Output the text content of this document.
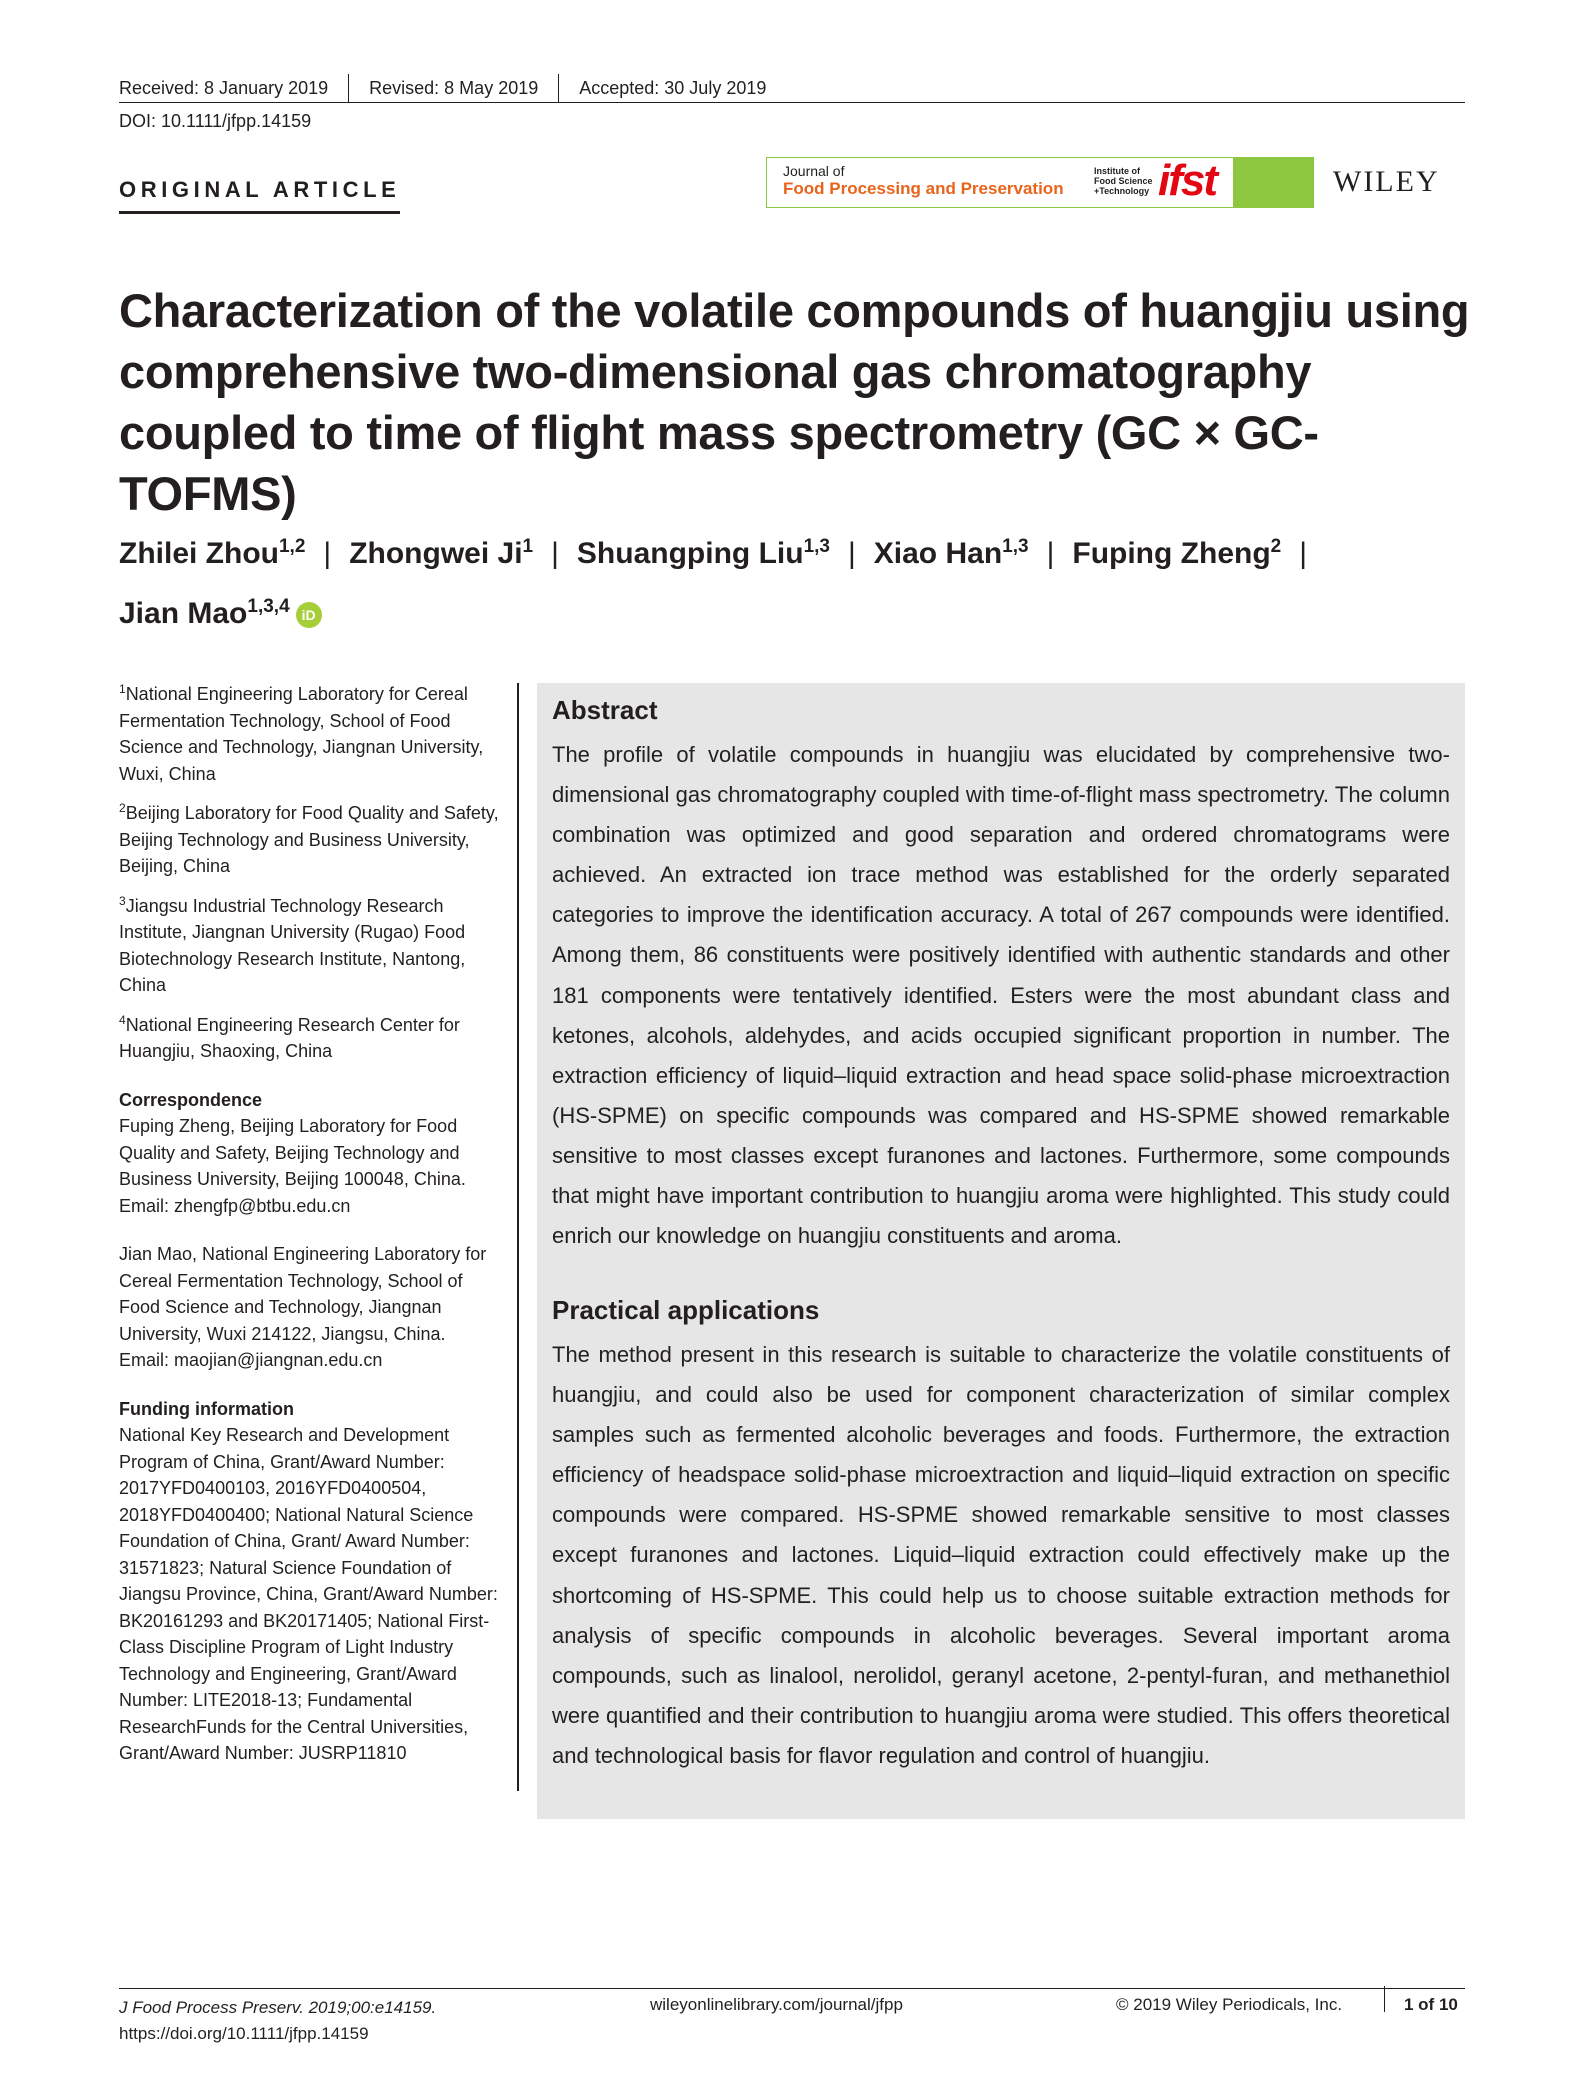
Received: 8 January 2019	Revised: 8 May 2019	Accepted: 30 July 2019
DOI: 10.1111/jfpp.14159
ORIGINAL ARTICLE
Journal of
Food Processing and Preservation
Institute of Food Science +Technology ifst	WILEY
Characterization of the volatile compounds of huangjiu using comprehensive two-dimensional gas chromatography coupled to time of flight mass spectrometry (GC × GC-TOFMS)
Zhilei Zhou$^{1,2}$ | Zhongwei Ji$^1$ | Shuangping Liu$^{1,3}$ | Xiao Han$^{1,3}$ | Fuping Zheng$^2$ |
Jian Mao$^{1,3,4}$ iD
$^1$National Engineering Laboratory for Cereal Fermentation Technology, School of Food Science and Technology, Jiangnan University, Wuxi, China
$^2$Beijing Laboratory for Food Quality and Safety, Beijing Technology and Business University, Beijing, China
$^3$Jiangsu Industrial Technology Research Institute, Jiangnan University (Rugao) Food Biotechnology Research Institute, Nantong, China
$^4$National Engineering Research Center for Huangjiu, Shaoxing, China
Correspondence
Fuping Zheng, Beijing Laboratory for Food Quality and Safety, Beijing Technology and Business University, Beijing 100048, China. Email: zhengfp@btbu.edu.cn
Jian Mao, National Engineering Laboratory for Cereal Fermentation Technology, School of Food Science and Technology, Jiangnan University, Wuxi 214122, Jiangsu, China. Email: maojian@jiangnan.edu.cn
Funding information
National Key Research and Development Program of China, Grant/Award Number: 2017YFD0400103, 2016YFD0400504, 2018YFD0400400; National Natural Science Foundation of China, Grant/ Award Number: 31571823; Natural Science Foundation of Jiangsu Province, China, Grant/Award Number: BK20161293 and BK20171405; National First-Class Discipline Program of Light Industry Technology and Engineering, Grant/Award Number: LITE2018-13; Fundamental ResearchFunds for the Central Universities, Grant/Award Number: JUSRP11810
Abstract
The profile of volatile compounds in huangjiu was elucidated by comprehensive two-dimensional gas chromatography coupled with time-of-flight mass spectrometry. The column combination was optimized and good separation and ordered chromatograms were achieved. An extracted ion trace method was established for the orderly separated categories to improve the identification accuracy. A total of 267 compounds were identified. Among them, 86 constituents were positively identified with authentic standards and other 181 components were tentatively identified. Esters were the most abundant class and ketones, alcohols, aldehydes, and acids occupied significant proportion in number. The extraction efficiency of liquid–liquid extraction and head space solid-phase microextraction (HS-SPME) on specific compounds was compared and HS-SPME showed remarkable sensitive to most classes except furanones and lactones. Furthermore, some compounds that might have important contribution to huangjiu aroma were highlighted. This study could enrich our knowledge on huangjiu constituents and aroma.
Practical applications
The method present in this research is suitable to characterize the volatile constituents of huangjiu, and could also be used for component characterization of similar complex samples such as fermented alcoholic beverages and foods. Furthermore, the extraction efficiency of headspace solid-phase microextraction and liquid–liquid extraction on specific compounds were compared. HS-SPME showed remarkable sensitive to most classes except furanones and lactones. Liquid–liquid extraction could effectively make up the shortcoming of HS-SPME. This could help us to choose suitable extraction methods for analysis of specific compounds in alcoholic beverages. Several important aroma compounds, such as linalool, nerolidol, geranyl acetone, 2-pentyl-furan, and methanethiol were quantified and their contribution to huangjiu aroma were studied. This offers theoretical and technological basis for flavor regulation and control of huangjiu.
J Food Process Preserv. 2019;00:e14159.
https://doi.org/10.1111/jfpp.14159
wileyonlinelibrary.com/journal/jfpp	© 2019 Wiley Periodicals, Inc.	1 of 10
